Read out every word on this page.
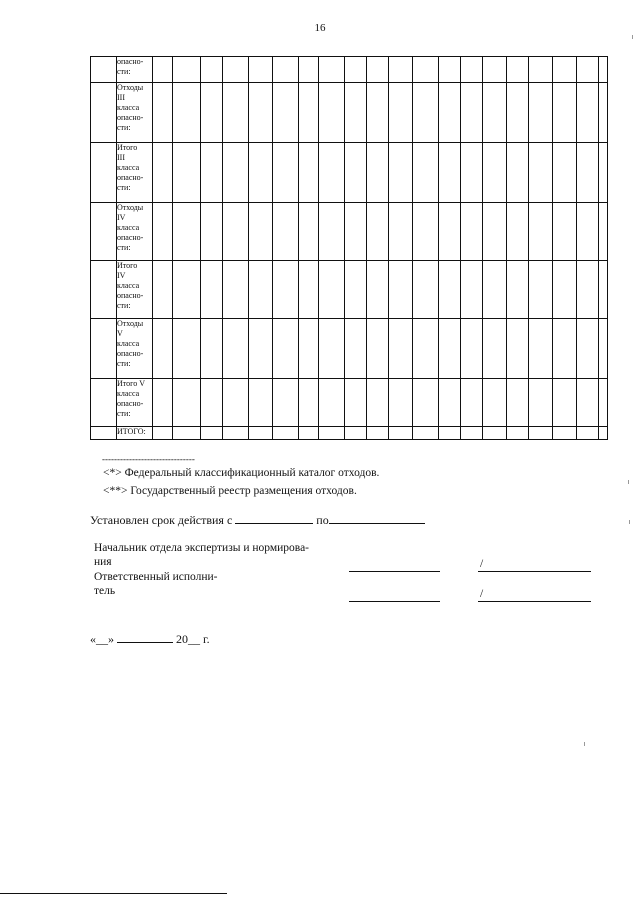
16

	опасно-
сти:																				

	Отходы
III
класса
опасно-
сти:																				

	Итого
III
класса
опасно-
сти:																				

	Отходы
IV
класса
опасно-
сти:																				

	Итого
IV
класса
опасно-
сти:																				

	Отходы
V
класса
опасно-
сти:																				

	Итого V
класса
опасно-
сти:																				

	ИТОГО:																				

-------------------------------
<*> Федеральный классификационный каталог отходов.
<**> Государственный реестр размещения отходов.
Установлен срок действия с	по
Начальник отдела экспертизы и нормирова-
ния	/
Ответственный исполни-
тель	/
«__»	20__ г.
